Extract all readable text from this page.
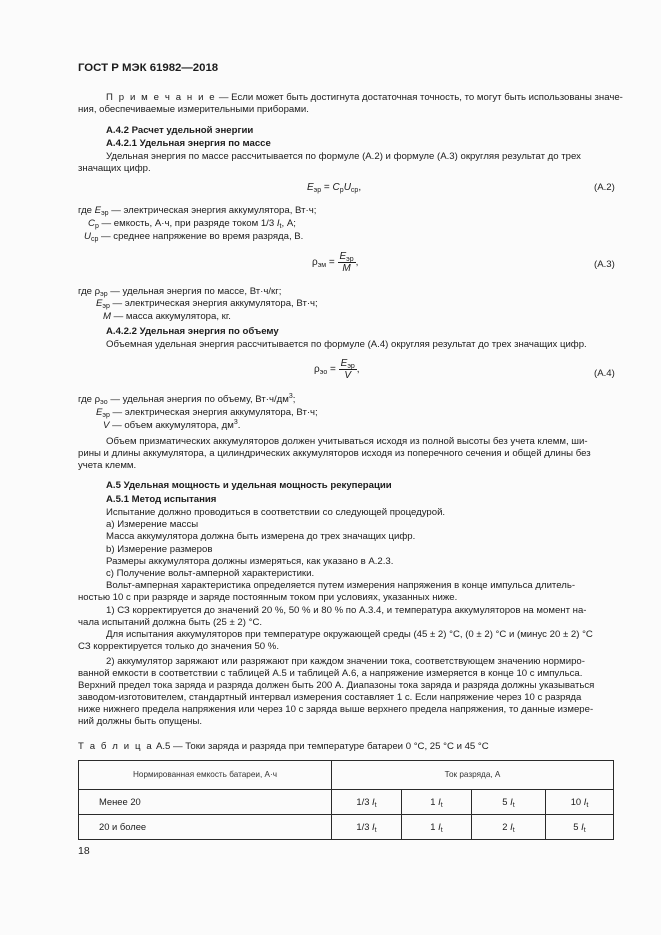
ГОСТ Р МЭК 61982—2018
П р и м е ч а н и е — Если может быть достигнута достаточная точность, то могут быть использованы значе-
ния, обеспечиваемые измерительными приборами.
А.4.2 Расчет удельной энергии
А.4.2.1 Удельная энергия по массе
Удельная энергия по массе рассчитывается по формуле (А.2) и формуле (А.3) округляя результат до трех
значащих цифр.
$E_{эр} = C_рU_{ср}$,	(А.2)
где $E_{эр}$ — электрическая энергия аккумулятора, Вт·ч;
$C_р$ — емкость, А·ч, при разряде током 1/3 $I_t$, А;
$U_{ср}$ — среднее напряжение во время разряда, В.
$\rho_{эм} = \frac{E_{эр}}{M}$ ,	(А.3)
где $\rho_{эр}$ — удельная энергия по массе, Вт·ч/кг;
$E_{эр}$ — электрическая энергия аккумулятора, Вт·ч;
M — масса аккумулятора, кг.
А.4.2.2 Удельная энергия по объему
Объемная удельная энергия рассчитывается по формуле (А.4) округляя результат до трех значащих цифр.
$\rho_{эо} = \frac{E_{эр}}{V}$ ,	(А.4)
где $\rho_{эо}$ — удельная энергия по объему, $Вт\cdot ч/дм^3$;
$E_{эр}$ — электрическая энергия аккумулятора, Вт·ч;
V — объем аккумулятора, $дм^3$.
Объем призматических аккумуляторов должен учитываться исходя из полной высоты без учета клемм, ши-
рины и длины аккумулятора, а цилиндрических аккумуляторов исходя из поперечного сечения и общей длины без
учета клемм.
А.5 Удельная мощность и удельная мощность рекуперации
А.5.1 Метод испытания
Испытание должно проводиться в соответствии со следующей процедурой.
а) Измерение массы
Масса аккумулятора должна быть измерена до трех значащих цифр.
b) Измерение размеров
Размеры аккумулятора должны измеряться, как указано в А.2.3.
c) Получение вольт-амперной характеристики.
Вольт-амперная характеристика определяется путем измерения напряжения в конце импульса длитель-
ностью 10 с при разряде и заряде постоянным током при условиях, указанных ниже.
1) СЗ корректируется до значений 20 %, 50 % и 80 % по А.3.4, и температура аккумуляторов на момент на-
чала испытаний должна быть (25 ± 2) °С.
Для испытания аккумуляторов при температуре окружающей среды (45 ± 2) °С, (0 ± 2) °С и (минус 20 ± 2) °С
СЗ корректируется только до значения 50 %.
2) аккумулятор заряжают или разряжают при каждом значении тока, соответствующем значению нормиро-
ванной емкости в соответствии с таблицей А.5 и таблицей А.6, а напряжение измеряется в конце 10 с импульса.
Верхний предел тока заряда и разряда должен быть 200 А. Диапазоны тока заряда и разряда должны указываться
заводом-изготовителем, стандартный интервал измерения составляет 1 с. Если напряжение через 10 с разряда
ниже нижнего предела напряжения или через 10 с заряда выше верхнего предела напряжения, то данные измере-
ний должны быть опущены.
Т а б л и ц а А.5 — Токи заряда и разряда при температуре батареи 0 °С, 25 °С и 45 °С
Нормированная емкость батареи, А·ч	Ток разряда, А			
Менее 20	1/3 $I_t$	1 $I_t$	5 $I_t$	10 $I_t$
20 и более	1/3 $I_t$	1 $I_t$	2 $I_t$	5 $I_t$
18
